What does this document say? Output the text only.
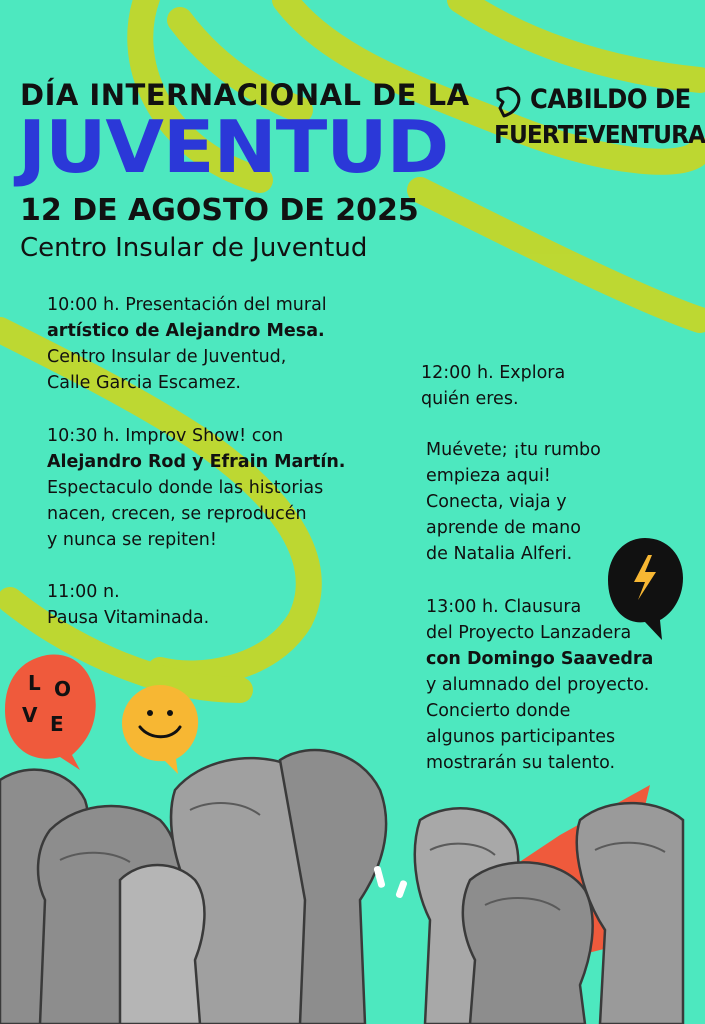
L O
V E
DÍA INTERNACIONAL DE LA
JUVENTUD
CABILDO DE
FUERTEVENTURA
12 DE AGOSTO DE 2025
Centro Insular de Juventud

10:00 h. Presentación del mural

artístico de Alejandro Mesa.

Centro Insular de Juventud,

Calle Garcia Escamez.

10:30 h. Improv Show! con

Alejandro Rod y Efrain Martín.

Espectaculo donde las historias

nacen, crecen, se reproducén

y nunca se repiten!

11:00 n.

Pausa Vitaminada.

12:00 h. Explora

quién eres.

Muévete; ¡tu rumbo

empieza aqui!

Conecta, viaja y

aprende de mano

de Natalia Alferi.

13:00 h. Clausura

del Proyecto Lanzadera

con Domingo Saavedra

y alumnado del proyecto.

Concierto donde

algunos participantes

mostrarán su talento.
